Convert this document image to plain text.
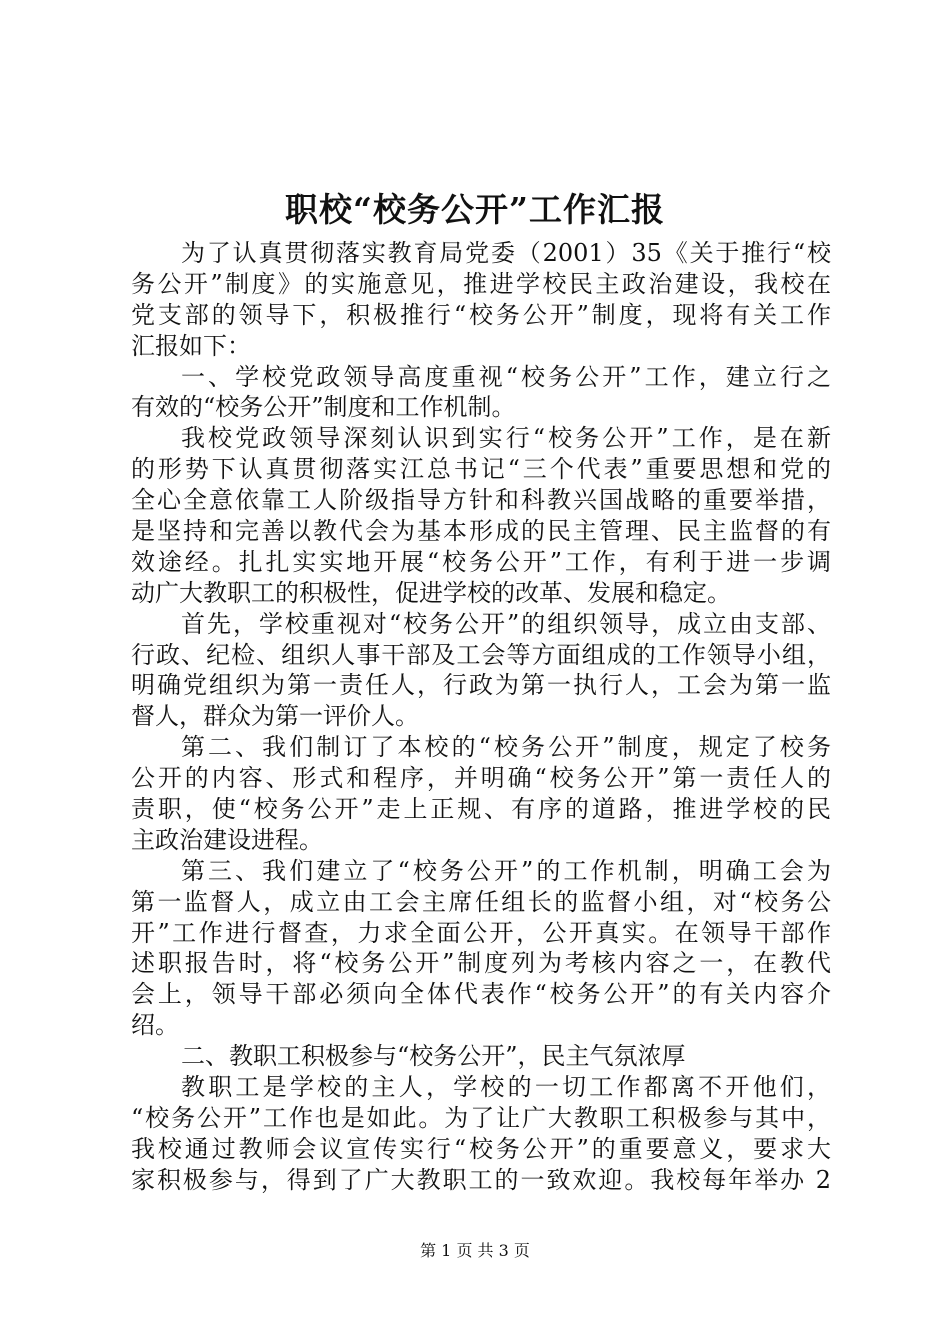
职校“校务公开”工作汇报
为了认真贯彻落实教育局党委（2001）35《关于推行“校
务公开”制度》的实施意见，推进学校民主政治建设，我校在
党支部的领导下，积极推行“校务公开”制度，现将有关工作
汇报如下：
一、学校党政领导高度重视“校务公开”工作，建立行之
有效的“校务公开”制度和工作机制。
我校党政领导深刻认识到实行“校务公开”工作，是在新
的形势下认真贯彻落实江总书记“三个代表”重要思想和党的
全心全意依靠工人阶级指导方针和科教兴国战略的重要举措，
是坚持和完善以教代会为基本形成的民主管理、民主监督的有
效途经。扎扎实实地开展“校务公开”工作，有利于进一步调
动广大教职工的积极性，促进学校的改革、发展和稳定。
首先，学校重视对“校务公开”的组织领导，成立由支部、
行政、纪检、组织人事干部及工会等方面组成的工作领导小组，
明确党组织为第一责任人，行政为第一执行人，工会为第一监
督人，群众为第一评价人。
第二、我们制订了本校的“校务公开”制度，规定了校务
公开的内容、形式和程序，并明确“校务公开”第一责任人的
责职，使“校务公开”走上正规、有序的道路，推进学校的民
主政治建设进程。
第三、我们建立了“校务公开”的工作机制，明确工会为
第一监督人，成立由工会主席任组长的监督小组，对“校务公
开”工作进行督查，力求全面公开，公开真实。在领导干部作
述职报告时，将“校务公开”制度列为考核内容之一，在教代
会上，领导干部必须向全体代表作“校务公开”的有关内容介
绍。
二、教职工积极参与“校务公开”，民主气氛浓厚
教职工是学校的主人，学校的一切工作都离不开他们，
“校务公开”工作也是如此。为了让广大教职工积极参与其中，
我校通过教师会议宣传实行“校务公开”的重要意义，要求大
家积极参与，得到了广大教职工的一致欢迎。我校每年举办 2
第 1 页 共 3 页
